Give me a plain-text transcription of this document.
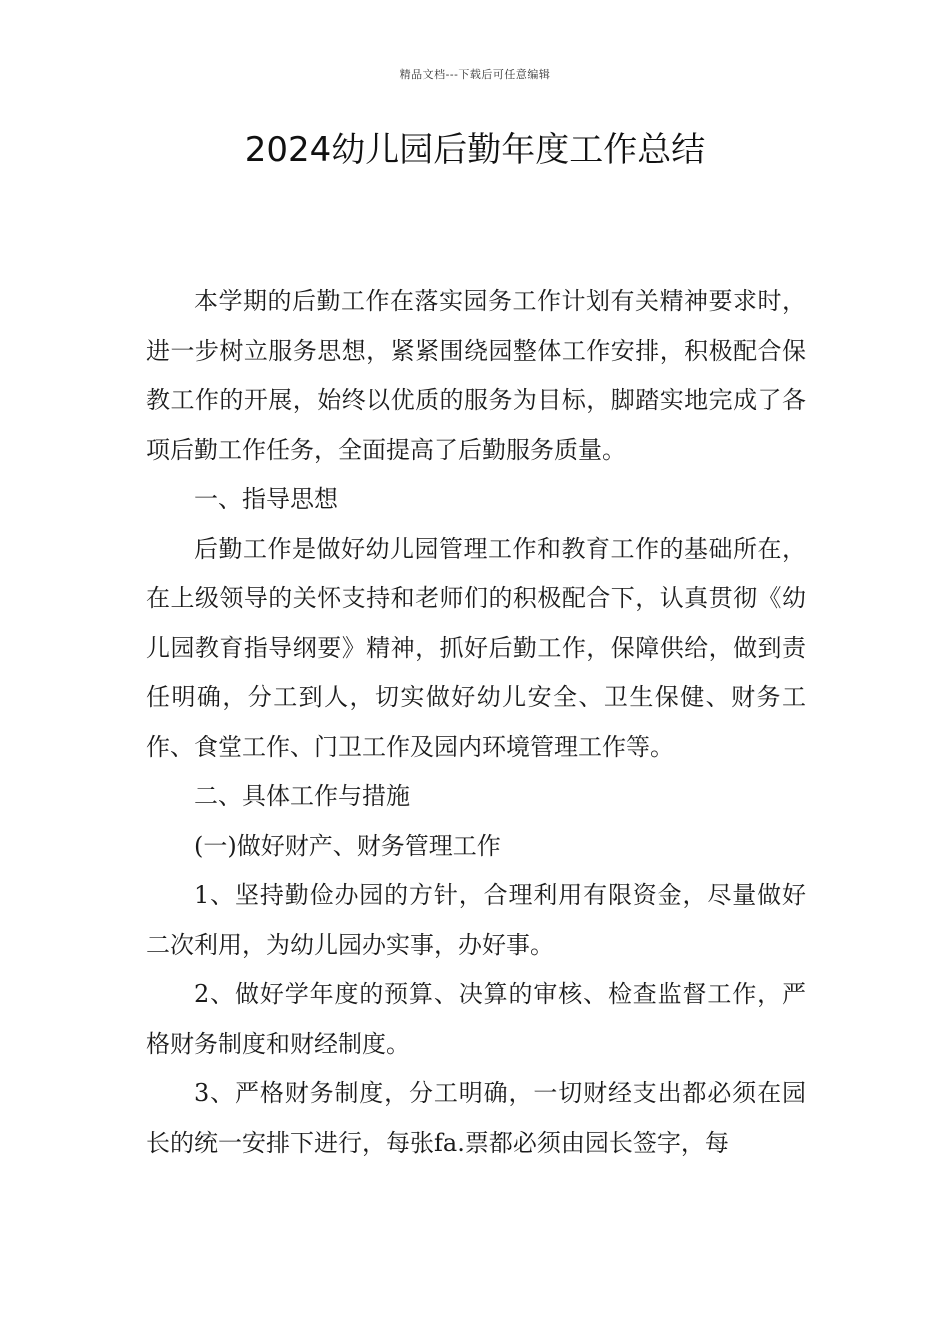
精品文档---下载后可任意编辑
2024幼儿园后勤年度工作总结

本学期的后勤工作在落实园务工作计划有关精神要求时，进一步树立服务思想，紧紧围绕园整体工作安排，积极配合保教工作的开展，始终以优质的服务为目标，脚踏实地完成了各项后勤工作任务，全面提高了后勤服务质量。

一、指导思想

后勤工作是做好幼儿园管理工作和教育工作的基础所在，在上级领导的关怀支持和老师们的积极配合下，认真贯彻《幼儿园教育指导纲要》精神，抓好后勤工作，保障供给，做到责任明确，分工到人，切实做好幼儿安全、卫生保健、财务工作、食堂工作、门卫工作及园内环境管理工作等。

二、具体工作与措施

(一)做好财产、财务管理工作

1、坚持勤俭办园的方针，合理利用有限资金，尽量做好二次利用，为幼儿园办实事，办好事。

2、做好学年度的预算、决算的审核、检查监督工作，严格财务制度和财经制度。

3、严格财务制度，分工明确，一切财经支出都必须在园长的统一安排下进行，每张fa.票都必须由园长签字，每
